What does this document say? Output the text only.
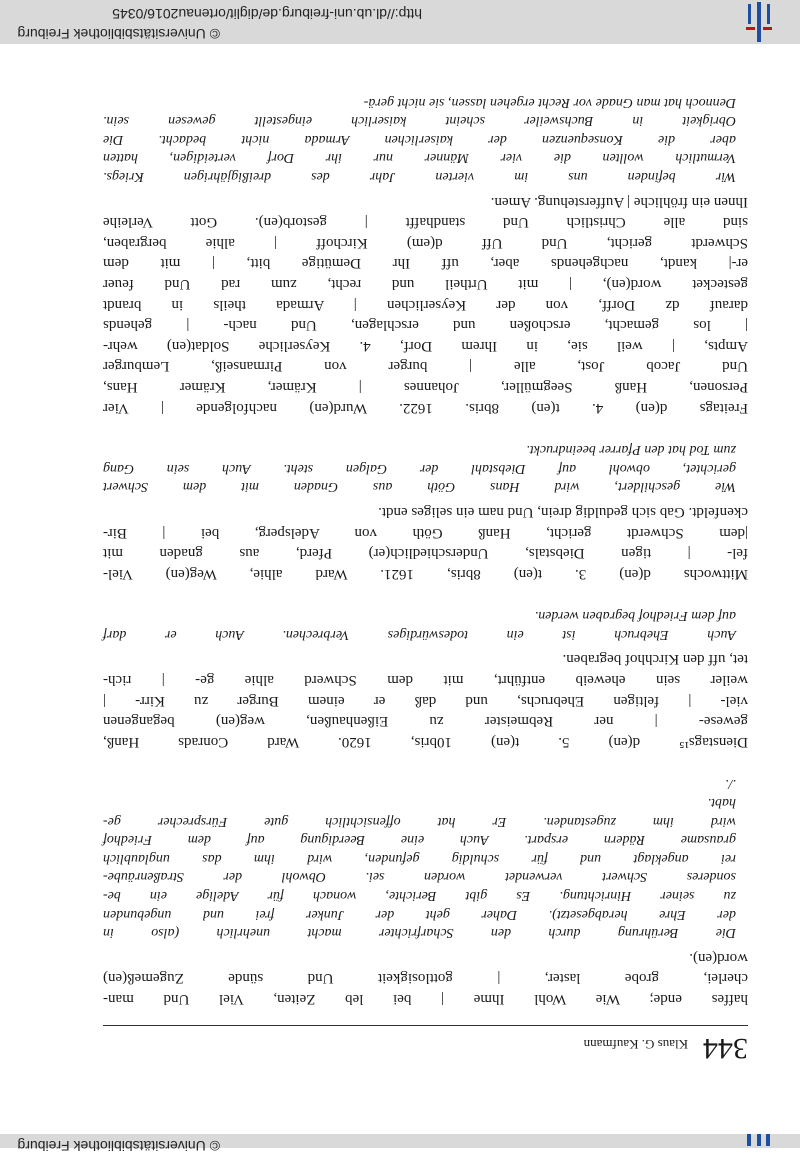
© Universitätsbibliothek Freiburg
344
Klaus G. Kaufmann

haffes ende; Wie Wohl Ihme | bei leb Zeiten, Viel Und man-
cherlei, grobe laster, | gottlosigkeit Und sünde Zugemeß(en)
word(en).

Die Berührung durch den Scharfrichter macht unehrlich (also in
der Ehre herabgesetzt). Daher geht der Junker frei und ungebunden
zu seiner Hinrichtung. Es gibt Berichte, wonach für Adelige ein be-
sonderes Schwert verwendet worden sei. Obwohl der Straßenräube-
rei angeklagt und für schuldig gefunden, wird ihm das unglaublich
grausame Rädern erspart. Auch eine Beerdigung auf dem Friedhof
wird ihm zugestanden. Er hat offensichtlich gute Fürsprecher ge-
habt.
./.

Dienstags¹⁵ d(en) 5. t(en) 10bris, 1620. Ward Conrads Hanß,
gewese- | ner Rebmeister zu Eißenhaußen, weg(en) begangenen
viel- | feltigen Ehebruchs, und daß er einem Burger zu Kirr- |
weiler sein eheweib entführt, mit dem Schwerd alhie ge- | rich-
tet, uff den Kirchhof begraben.

Auch Ehebruch ist ein todeswürdiges Verbrechen. Auch er darf
auf dem Friedhof begraben werden.

Mittwochs d(en) 3. t(en) 8bris, 1621. Ward alhie, Weg(en) Viel-
fel- | tigen Diebstals, Underschiedlich(er) Pferd, aus gnaden mit
|dem Schwerdt gericht, Hanß Göth von Adelsperg, bei | Bir-
ckenfeldt. Gab sich geduldig drein, Und nam ein seliges endt.

Wie geschildert, wird Hans Göth aus Gnaden mit dem Schwert
gerichtet, obwohl auf Diebstahl der Galgen steht. Auch sein Gang
zum Tod hat den Pfarrer beeindruckt.

Freitags d(en) 4. t(en) 8bris. 1622. Wurd(en) nachfolgende | Vier
Personen, Hanß Seegmüller, Johannes | Krämer, Krämer Hans,
Und Jacob Jost, alle | burger von Pirmanseiß, Lemburger
Ampts, | weil sie, in Ihrem Dorf, 4. Keyserliche Soldat(en) wehr-
| los gemacht, erschoßen und erschlagen, Und nach- | gehends
darauf dz Dorff, von der Keyserlichen | Armada theils in brandt
gestecket word(en), | mit Urtheil und recht, zum rad Und feuer
er-| kandt, nachgehends aber, uff Ihr Demütige bitt, | mit dem
Schwerdt gericht, Und Uff d(em) Kirchoff | alhie bergraben,
sind alle Christlich Und standhafft | gestorb(en). Gott Verleihe
Ihnen ein fröhliche | Aufferstehung. Amen.

Wir befinden uns im vierten Jahr des dreißigjährigen Kriegs.
Vermutlich wollten die vier Männer nur ihr Dorf verteidigen, hatten
aber die Konsequenzen der kaiserlichen Armada nicht bedacht. Die
Obrigkeit in Buchsweiler scheint kaiserlich eingestellt gewesen sein.
Dennoch hat man Gnade vor Recht ergehen lassen, sie nicht gerä-

© Universitätsbibliothek Freiburg
http://dl.ub.uni-freiburg.de/diglit/ortenau2016/0345
